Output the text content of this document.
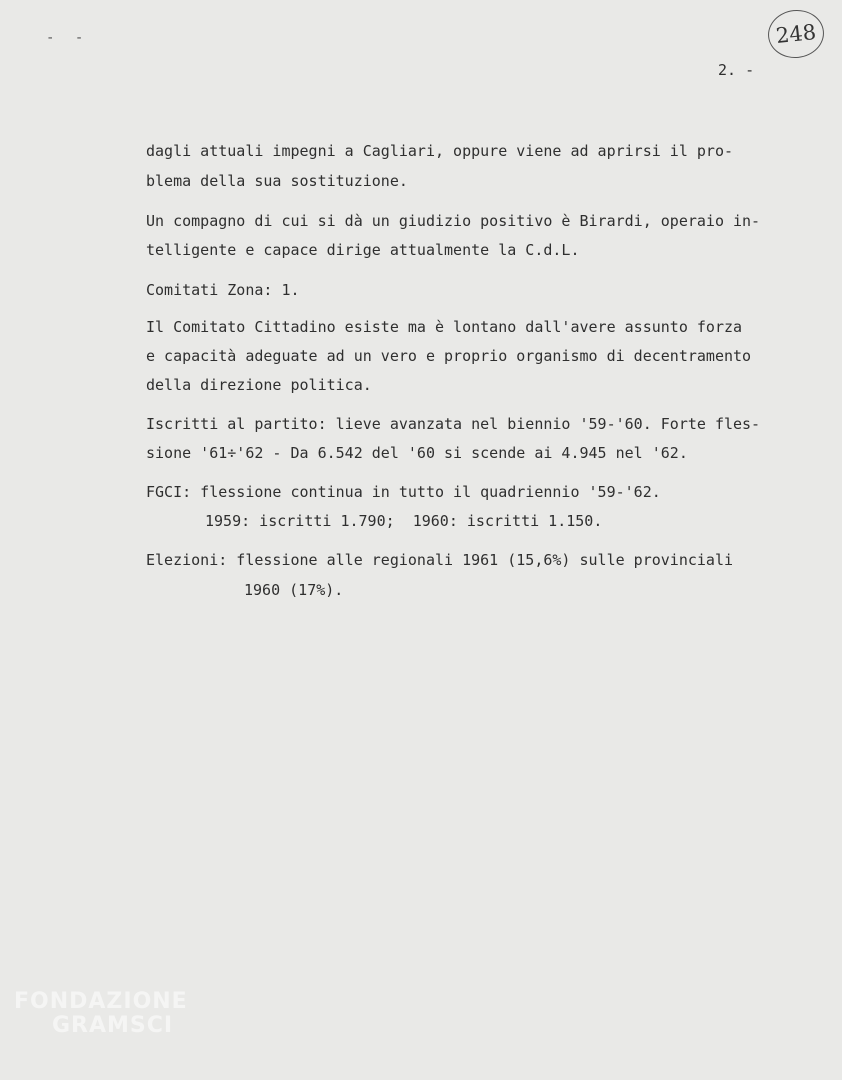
- -	248
2. -
dagli attuali impegni a Cagliari, oppure viene ad aprirsi il pro-
blema della sua sostituzione.
Un compagno di cui si dà un giudizio positivo è Birardi, operaio in-
telligente e capace dirige attualmente la C.d.L.
Comitati Zona: 1.
Il Comitato Cittadino esiste ma è lontano dall'avere assunto forza
e capacità adeguate ad un vero e proprio organismo di decentramento
della direzione politica.
Iscritti al partito: lieve avanzata nel biennio '59-'60. Forte fles-
sione '61÷'62 - Da 6.542 del '60 si scende ai 4.945 nel '62.
FGCI: flessione continua in tutto il quadriennio '59-'62.
1959: iscritti 1.790;  1960: iscritti 1.150.
Elezioni: flessione alle regionali 1961 (15,6%) sulle provinciali
1960 (17%).
FONDAZIONE
GRAMSCI
